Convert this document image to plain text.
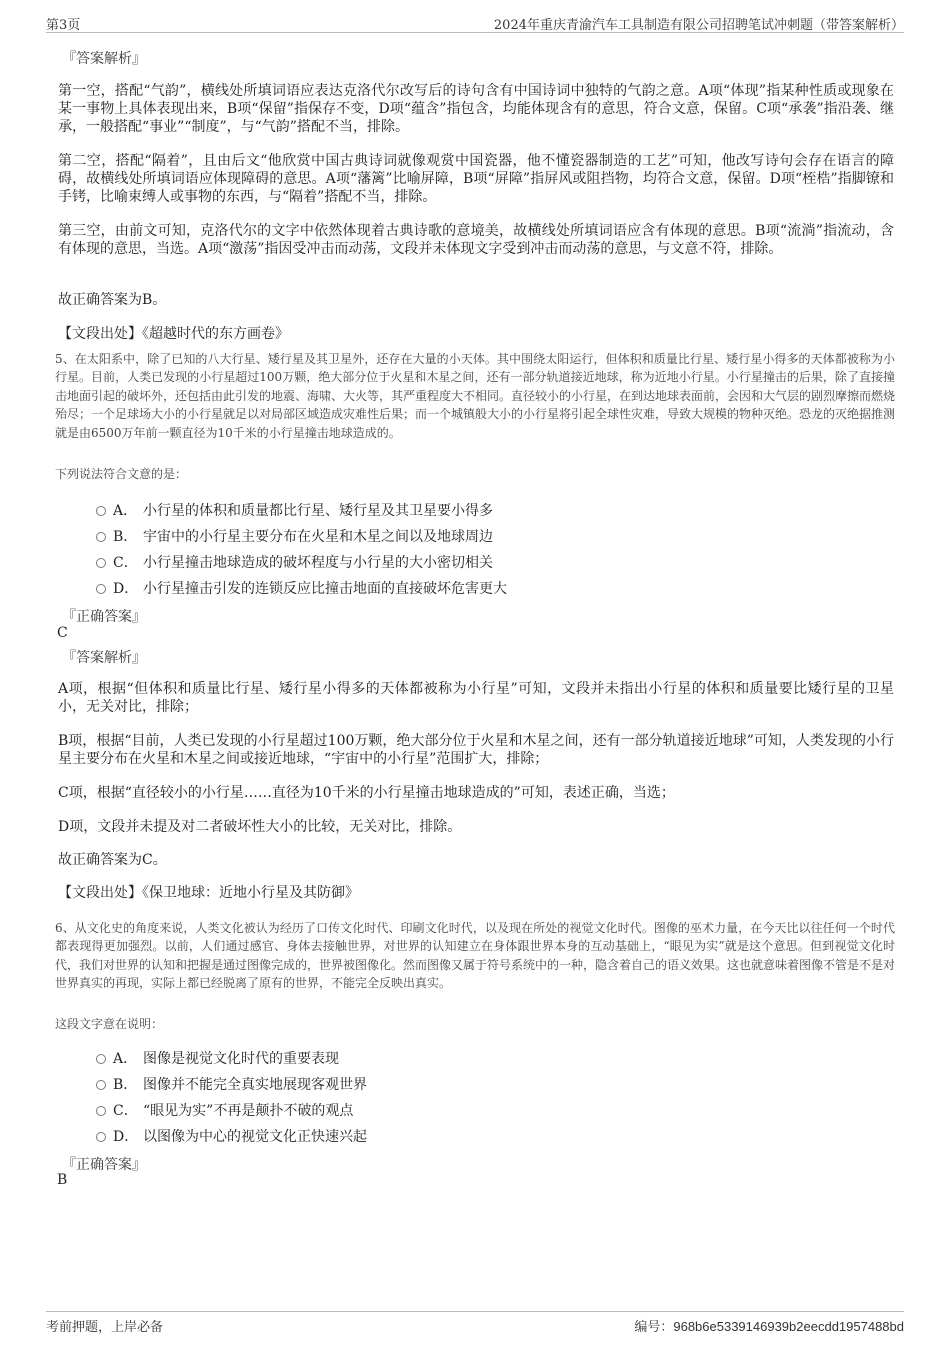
第3页	2024年重庆青渝汽车工具制造有限公司招聘笔试冲刺题（带答案解析）
『答案解析』
第一空，搭配“气韵”，横线处所填词语应表达克洛代尔改写后的诗句含有中国诗词中独特的气韵之意。A项“体现”指某种性质或现象在某一事物上具体表现出来，B项“保留”指保存不变，D项“蕴含”指包含，均能体现含有的意思，符合文意，保留。C项“承袭”指沿袭、继承，一般搭配“事业”“制度”，与“气韵”搭配不当，排除。
第二空，搭配“隔着”，且由后文“他欣赏中国古典诗词就像观赏中国瓷器，他不懂瓷器制造的工艺”可知，他改写诗句会存在语言的障碍，故横线处所填词语应体现障碍的意思。A项“藩篱”比喻屏障，B项“屏障”指屏风或阻挡物，均符合文意，保留。D项“桎梏”指脚镣和手铐，比喻束缚人或事物的东西，与“隔着”搭配不当，排除。
第三空，由前文可知，克洛代尔的文字中依然体现着古典诗歌的意境美，故横线处所填词语应含有体现的意思。B项“流淌”指流动，含有体现的意思，当选。A项“激荡”指因受冲击而动荡，文段并未体现文字受到冲击而动荡的意思，与文意不符，排除。
故正确答案为B。
【文段出处】《超越时代的东方画卷》
5、在太阳系中，除了已知的八大行星、矮行星及其卫星外，还存在大量的小天体。其中围绕太阳运行，但体积和质量比行星、矮行星小得多的天体都被称为小行星。目前，人类已发现的小行星超过100万颗，绝大部分位于火星和木星之间，还有一部分轨道接近地球，称为近地小行星。小行星撞击的后果，除了直接撞击地面引起的破坏外，还包括由此引发的地震、海啸、大火等，其严重程度大不相同。直径较小的小行星，在到达地球表面前，会因和大气层的剧烈摩擦而燃烧殆尽；一个足球场大小的小行星就足以对局部区域造成灾难性后果；而一个城镇般大小的小行星将引起全球性灾难，导致大规模的物种灭绝。恐龙的灭绝据推测就是由6500万年前一颗直径为10千米的小行星撞击地球造成的。
下列说法符合文意的是：
A． 小行星的体积和质量都比行星、矮行星及其卫星要小得多
B． 宇宙中的小行星主要分布在火星和木星之间以及地球周边
C． 小行星撞击地球造成的破坏程度与小行星的大小密切相关
D． 小行星撞击引发的连锁反应比撞击地面的直接破坏危害更大
『正确答案』
C
『答案解析』
A项，根据“但体积和质量比行星、矮行星小得多的天体都被称为小行星”可知，文段并未指出小行星的体积和质量要比矮行星的卫星小，无关对比，排除；
B项，根据“目前，人类已发现的小行星超过100万颗，绝大部分位于火星和木星之间，还有一部分轨道接近地球”可知，人类发现的小行星主要分布在火星和木星之间或接近地球，“宇宙中的小行星”范围扩大，排除；
C项，根据“直径较小的小行星……直径为10千米的小行星撞击地球造成的”可知，表述正确，当选；
D项，文段并未提及对二者破坏性大小的比较，无关对比，排除。
故正确答案为C。
【文段出处】《保卫地球：近地小行星及其防御》
6、从文化史的角度来说，人类文化被认为经历了口传文化时代、印刷文化时代，以及现在所处的视觉文化时代。图像的巫术力量，在今天比以往任何一个时代都表现得更加强烈。以前，人们通过感官、身体去接触世界，对世界的认知建立在身体跟世界本身的互动基础上，“眼见为实”就是这个意思。但到视觉文化时代，我们对世界的认知和把握是通过图像完成的，世界被图像化。然而图像又属于符号系统中的一种，隐含着自己的语义效果。这也就意味着图像不管是不是对世界真实的再现，实际上都已经脱离了原有的世界，不能完全反映出真实。
这段文字意在说明：
A． 图像是视觉文化时代的重要表现
B． 图像并不能完全真实地展现客观世界
C． “眼见为实”不再是颠扑不破的观点
D． 以图像为中心的视觉文化正快速兴起
『正确答案』
B
考前押题，上岸必备	编号：968b6e5339146939b2eecdd1957488bd
